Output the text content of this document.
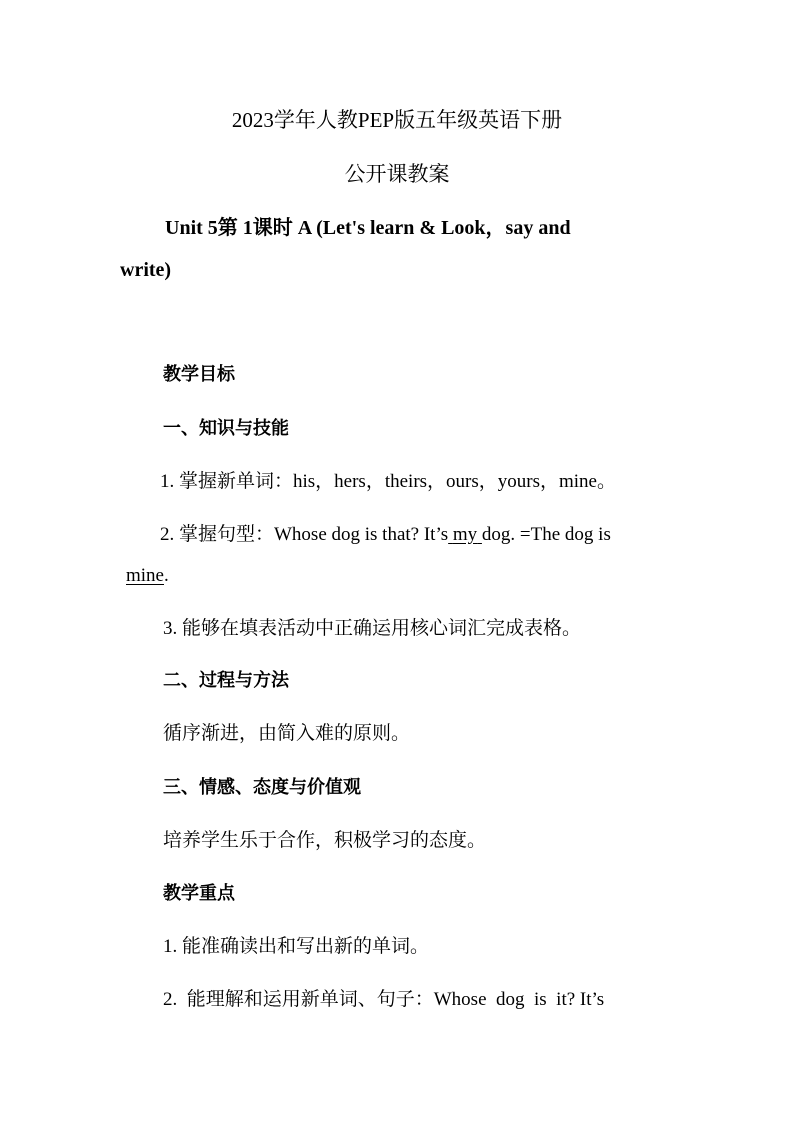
2023学年人教PEP版五年级英语下册
公开课教案
Unit 5第 1课时 A (Let's learn & Look，say and
write)
教学目标
一、知识与技能
1. 掌握新单词：his，hers，theirs，ours，yours，mine。
2. 掌握句型：Whose dog is that? It’s my dog. =The dog is
mine.
3. 能够在填表活动中正确运用核心词汇完成表格。
二、过程与方法
循序渐进，由简入难的原则。
三、情感、态度与价值观
培养学生乐于合作，积极学习的态度。
教学重点
1. 能准确读出和写出新的单词。
2.  能理解和运用新单词、句子：Whose  dog  is  it? It’s
